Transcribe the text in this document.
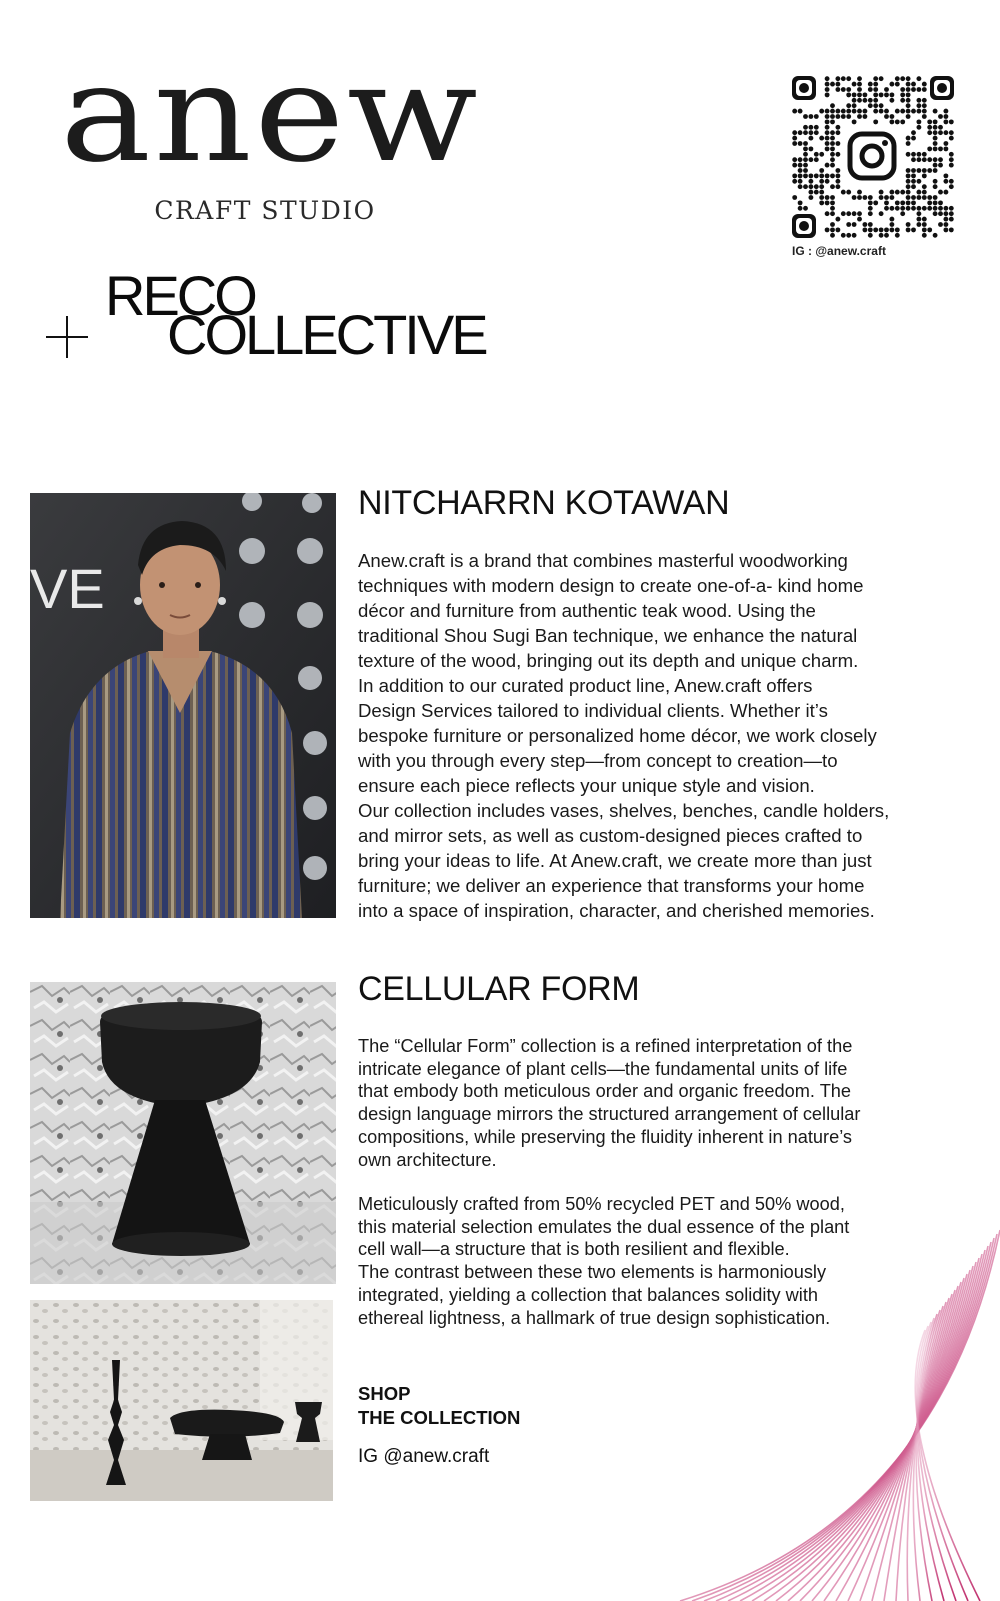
anew
CRAFT STUDIO
RECO
COLLECTIVE
IG : @anew.craft
VE
NITCHARRN KOTAWAN
Anew.craft is a brand that combines masterful woodworking
techniques with modern design to create one-of-a- kind home
décor and furniture from authentic teak wood. Using the
traditional Shou Sugi Ban technique, we enhance the natural
texture of the wood, bringing out its depth and unique charm.
In addition to our curated product line, Anew.craft offers
Design Services tailored to individual clients. Whether it’s
bespoke furniture or personalized home décor, we work closely
with you through every step—from concept to creation—to
ensure each piece reflects your unique style and vision.
Our collection includes vases, shelves, benches, candle holders,
and mirror sets, as well as custom-designed pieces crafted to
bring your ideas to life. At Anew.craft, we create more than just
furniture; we deliver an experience that transforms your home
into a space of inspiration, character, and cherished memories.
CELLULAR FORM
The “Cellular Form” collection is a refined interpretation of the
intricate elegance of plant cells—the fundamental units of life
that embody both meticulous order and organic freedom. The
design language mirrors the structured arrangement of cellular
compositions, while preserving the fluidity inherent in nature’s
own architecture.
Meticulously crafted from 50% recycled PET and 50% wood,
this material selection emulates the dual essence of the plant
cell wall—a structure that is both resilient and flexible.
The contrast between these two elements is harmoniously
integrated, yielding a collection that balances solidity with
ethereal lightness, a hallmark of true design sophistication.
SHOP
THE COLLECTION
IG @anew.craft
